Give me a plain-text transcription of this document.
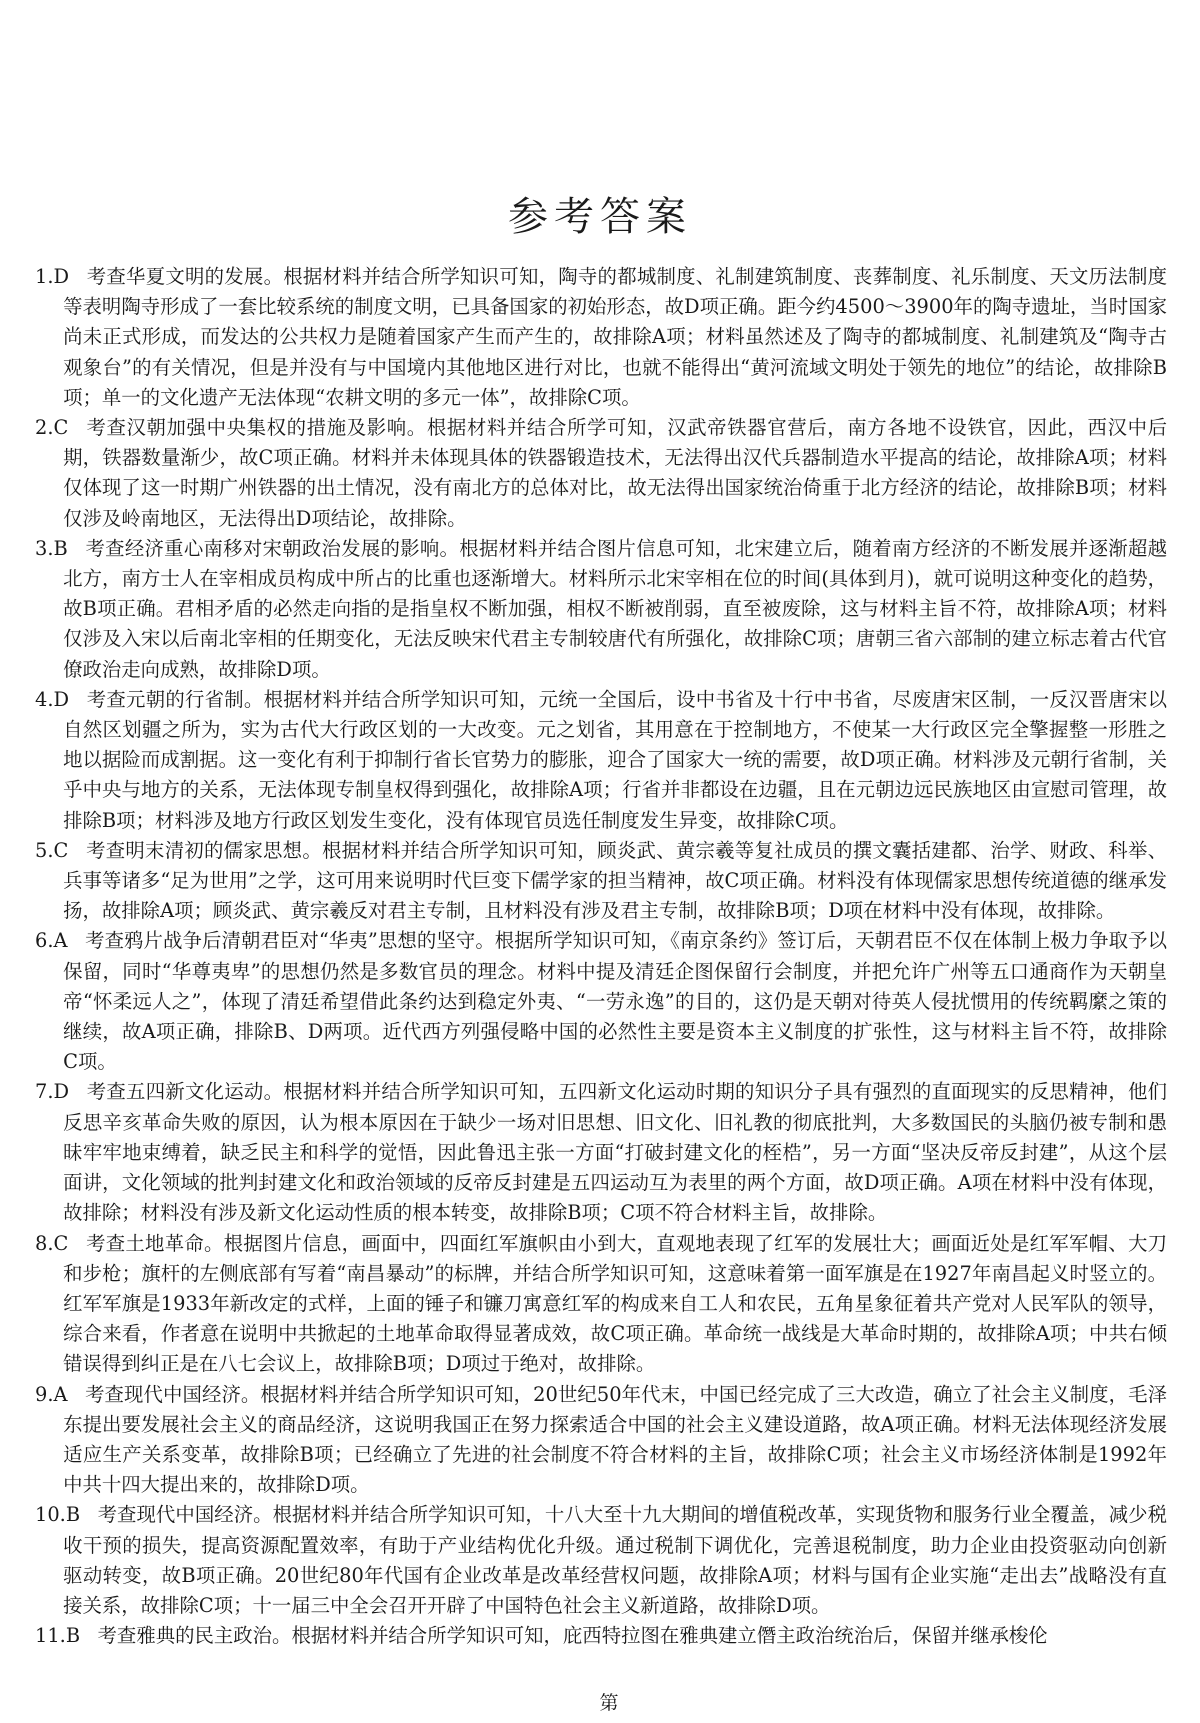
参考答案
1.D 考查华夏文明的发展。根据材料并结合所学知识可知，陶寺的都城制度、礼制建筑制度、丧葬制度、礼乐制度、天文历法制度等表明陶寺形成了一套比较系统的制度文明，已具备国家的初始形态，故D项正确。距今约4500～3900年的陶寺遗址，当时国家尚未正式形成，而发达的公共权力是随着国家产生而产生的，故排除A项；材料虽然述及了陶寺的都城制度、礼制建筑及“陶寺古观象台”的有关情况，但是并没有与中国境内其他地区进行对比，也就不能得出“黄河流域文明处于领先的地位”的结论，故排除B项；单一的文化遗产无法体现“农耕文明的多元一体”，故排除C项。
2.C 考查汉朝加强中央集权的措施及影响。根据材料并结合所学可知，汉武帝铁器官营后，南方各地不设铁官，因此，西汉中后期，铁器数量渐少，故C项正确。材料并未体现具体的铁器锻造技术，无法得出汉代兵器制造水平提高的结论，故排除A项；材料仅体现了这一时期广州铁器的出土情况，没有南北方的总体对比，故无法得出国家统治倚重于北方经济的结论，故排除B项；材料仅涉及岭南地区，无法得出D项结论，故排除。
3.B 考查经济重心南移对宋朝政治发展的影响。根据材料并结合图片信息可知，北宋建立后，随着南方经济的不断发展并逐渐超越北方，南方士人在宰相成员构成中所占的比重也逐渐增大。材料所示北宋宰相在位的时间(具体到月)，就可说明这种变化的趋势，故B项正确。君相矛盾的必然走向指的是指皇权不断加强，相权不断被削弱，直至被废除，这与材料主旨不符，故排除A项；材料仅涉及入宋以后南北宰相的任期变化，无法反映宋代君主专制较唐代有所强化，故排除C项；唐朝三省六部制的建立标志着古代官僚政治走向成熟，故排除D项。
4.D 考查元朝的行省制。根据材料并结合所学知识可知，元统一全国后，设中书省及十行中书省，尽废唐宋区制，一反汉晋唐宋以自然区划疆之所为，实为古代大行政区划的一大改变。元之划省，其用意在于控制地方，不使某一大行政区完全擎握整一形胜之地以据险而成割据。这一变化有利于抑制行省长官势力的膨胀，迎合了国家大一统的需要，故D项正确。材料涉及元朝行省制，关乎中央与地方的关系，无法体现专制皇权得到强化，故排除A项；行省并非都设在边疆，且在元朝边远民族地区由宣慰司管理，故排除B项；材料涉及地方行政区划发生变化，没有体现官员选任制度发生异变，故排除C项。
5.C 考查明末清初的儒家思想。根据材料并结合所学知识可知，顾炎武、黄宗羲等复社成员的撰文囊括建都、治学、财政、科举、兵事等诸多“足为世用”之学，这可用来说明时代巨变下儒学家的担当精神，故C项正确。材料没有体现儒家思想传统道德的继承发扬，故排除A项；顾炎武、黄宗羲反对君主专制，且材料没有涉及君主专制，故排除B项；D项在材料中没有体现，故排除。
6.A 考查鸦片战争后清朝君臣对“华夷”思想的坚守。根据所学知识可知，《南京条约》签订后，天朝君臣不仅在体制上极力争取予以保留，同时“华尊夷卑”的思想仍然是多数官员的理念。材料中提及清廷企图保留行会制度，并把允许广州等五口通商作为天朝皇帝“怀柔远人之”，体现了清廷希望借此条约达到稳定外夷、“一劳永逸”的目的，这仍是天朝对待英人侵扰惯用的传统羁縻之策的继续，故A项正确，排除B、D两项。近代西方列强侵略中国的必然性主要是资本主义制度的扩张性，这与材料主旨不符，故排除C项。
7.D 考查五四新文化运动。根据材料并结合所学知识可知，五四新文化运动时期的知识分子具有强烈的直面现实的反思精神，他们反思辛亥革命失败的原因，认为根本原因在于缺少一场对旧思想、旧文化、旧礼教的彻底批判，大多数国民的头脑仍被专制和愚昧牢牢地束缚着，缺乏民主和科学的觉悟，因此鲁迅主张一方面“打破封建文化的桎梏”，另一方面“坚决反帝反封建”，从这个层面讲，文化领域的批判封建文化和政治领域的反帝反封建是五四运动互为表里的两个方面，故D项正确。A项在材料中没有体现，故排除；材料没有涉及新文化运动性质的根本转变，故排除B项；C项不符合材料主旨，故排除。
8.C 考查土地革命。根据图片信息，画面中，四面红军旗帜由小到大，直观地表现了红军的发展壮大；画面近处是红军军帽、大刀和步枪；旗杆的左侧底部有写着“南昌暴动”的标牌，并结合所学知识可知，这意味着第一面军旗是在1927年南昌起义时竖立的。红军军旗是1933年新改定的式样，上面的锤子和镰刀寓意红军的构成来自工人和农民，五角星象征着共产党对人民军队的领导，综合来看，作者意在说明中共掀起的土地革命取得显著成效，故C项正确。革命统一战线是大革命时期的，故排除A项；中共右倾错误得到纠正是在八七会议上，故排除B项；D项过于绝对，故排除。
9.A 考查现代中国经济。根据材料并结合所学知识可知，20世纪50年代末，中国已经完成了三大改造，确立了社会主义制度，毛泽东提出要发展社会主义的商品经济，这说明我国正在努力探索适合中国的社会主义建设道路，故A项正确。材料无法体现经济发展适应生产关系变革，故排除B项；已经确立了先进的社会制度不符合材料的主旨，故排除C项；社会主义市场经济体制是1992年中共十四大提出来的，故排除D项。
10.B 考查现代中国经济。根据材料并结合所学知识可知，十八大至十九大期间的增值税改革，实现货物和服务行业全覆盖，减少税收干预的损失，提高资源配置效率，有助于产业结构优化升级。通过税制下调优化，完善退税制度，助力企业由投资驱动向创新驱动转变，故B项正确。20世纪80年代国有企业改革是改革经营权问题，故排除A项；材料与国有企业实施“走出去”战略没有直接关系，故排除C项；十一届三中全会召开开辟了中国特色社会主义新道路，故排除D项。
11.B 考查雅典的民主政治。根据材料并结合所学知识可知，庇西特拉图在雅典建立僭主政治统治后，保留并继承梭伦
第
